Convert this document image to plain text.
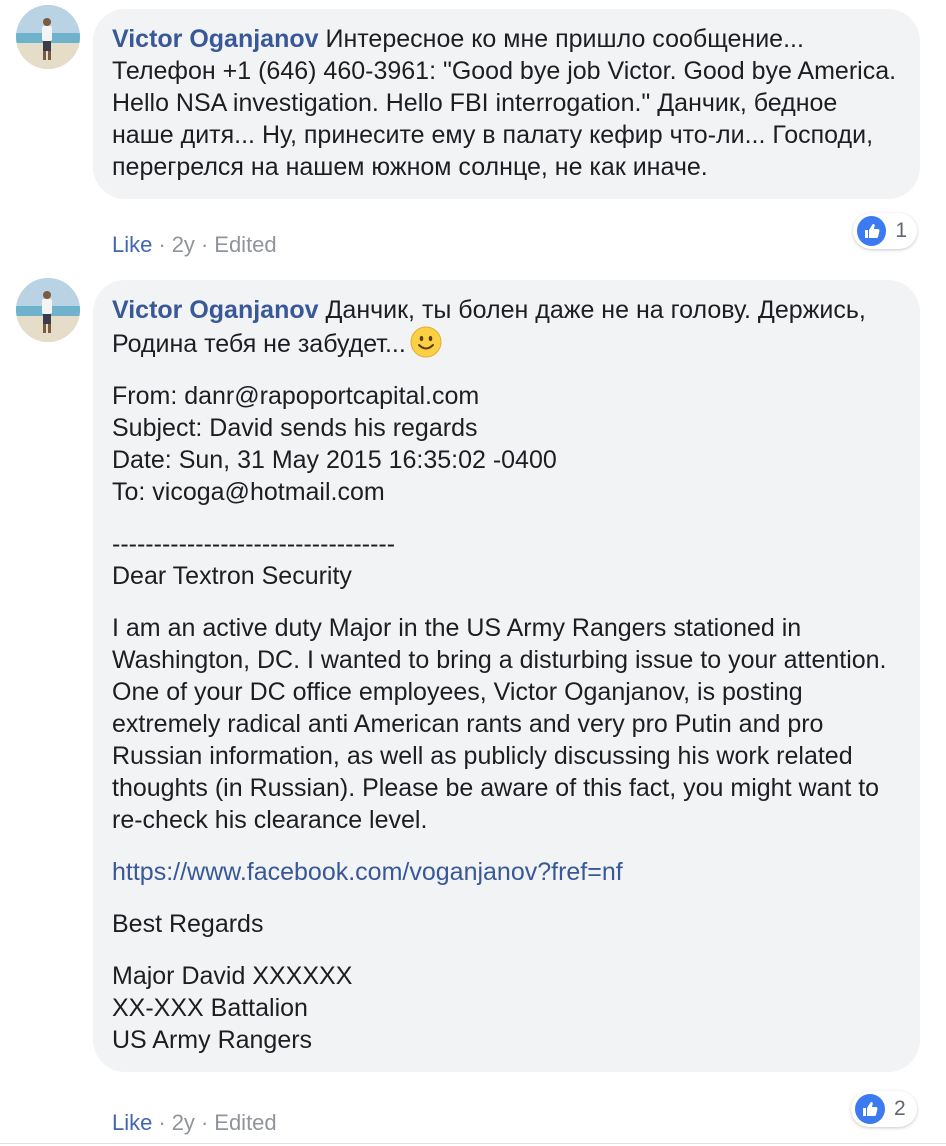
Victor Oganjanov Интересное ко мне пришло сообщение... Телефон +1 (646) 460-3961: "Good bye job Victor. Good bye America. Hello NSA investigation. Hello FBI interrogation." Данчик, бедное наше дитя... Ну, принесите ему в палату кефир что-ли... Господи, перегрелся на нашем южном солнце, не как иначе.

Like · 2y · Edited
1

Victor Oganjanov Данчик, ты болен даже не на голову. Держись, Родина тебя не забудет...

From: danr@rapoportcapital.com
Subject: David sends his regards
Date: Sun, 31 May 2015 16:35:02 -0400
To: vicoga@hotmail.com
----------------------------------
Dear Textron Security
I am an active duty Major in the US Army Rangers stationed in Washington, DC. I wanted to bring a disturbing issue to your attention.
One of your DC office employees, Victor Oganjanov, is posting extremely radical anti American rants and very pro Putin and pro Russian information, as well as publicly discussing his work related thoughts (in Russian). Please be aware of this fact, you might want to re-check his clearance level.
https://www.facebook.com/voganjanov?fref=nf
Best Regards
Major David XXXXXX
XX-XXX Battalion
US Army Rangers
Like · 2y · Edited
2
